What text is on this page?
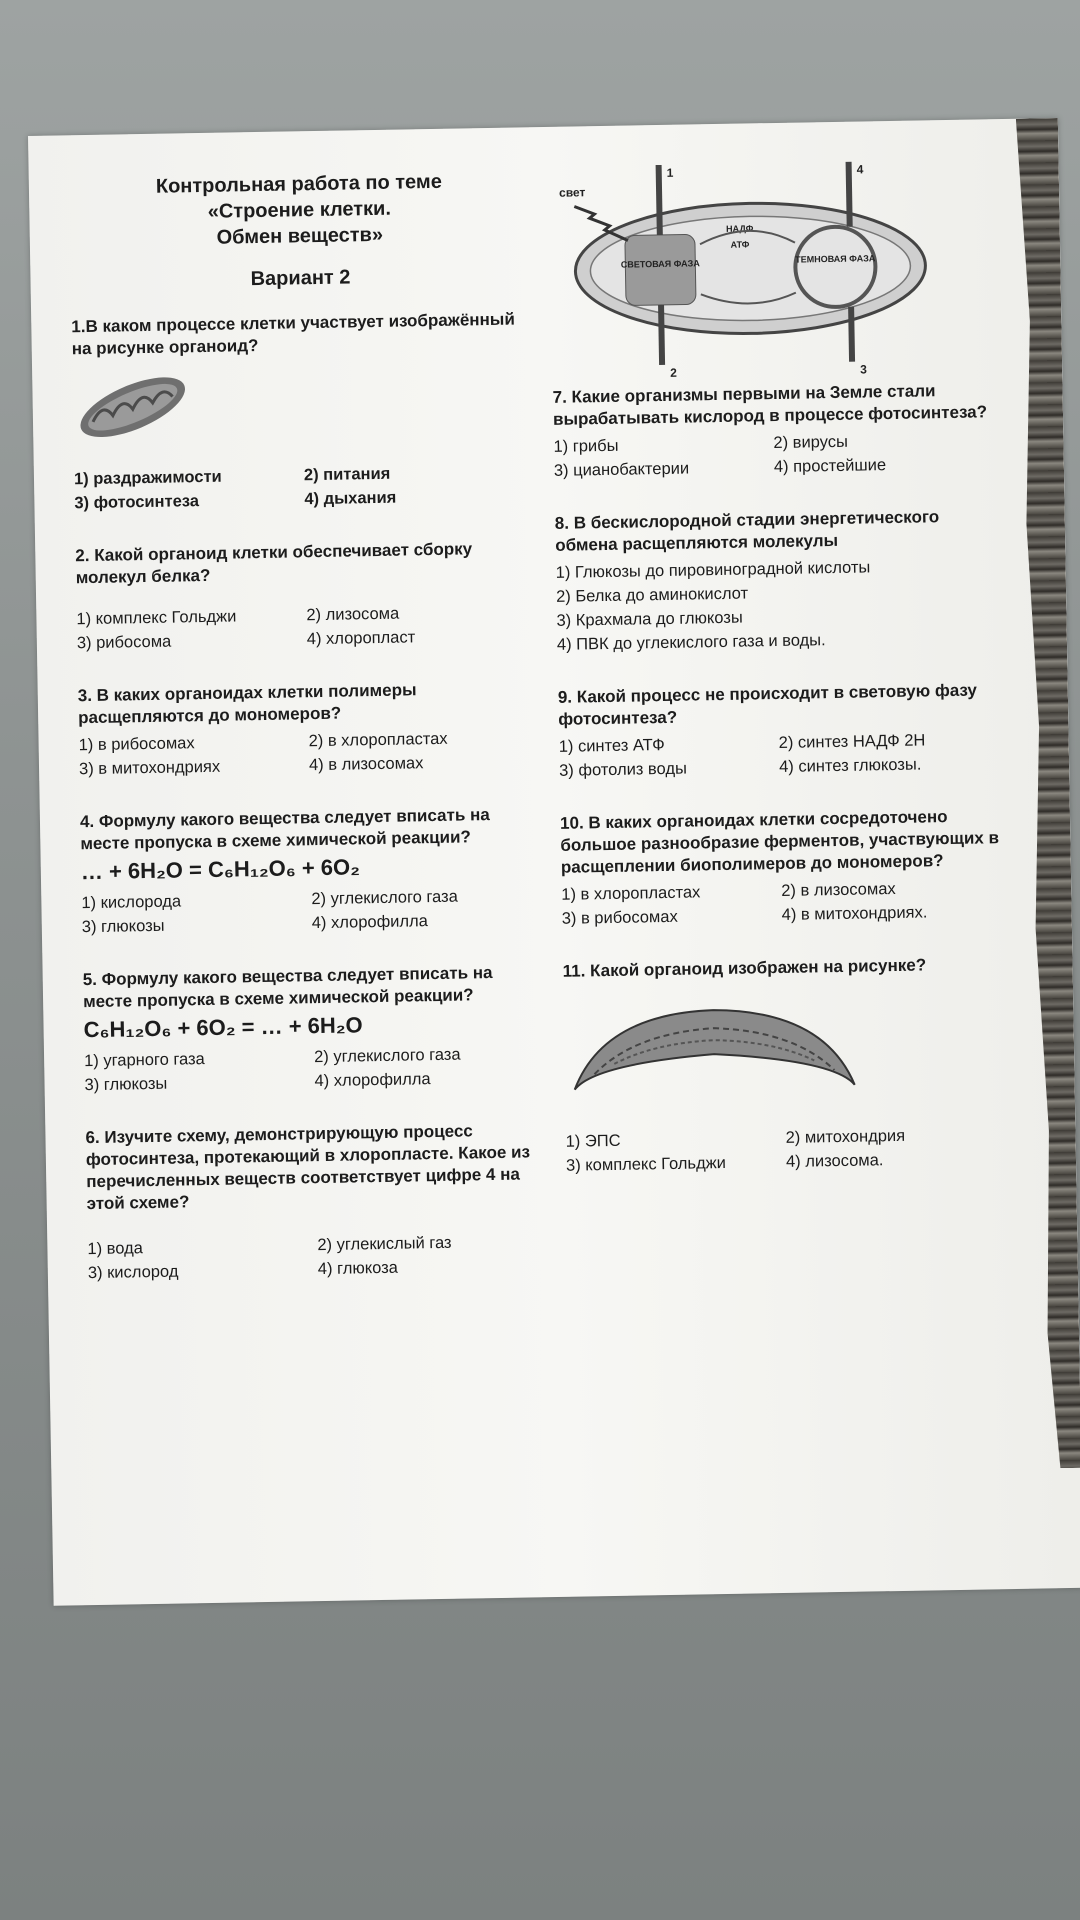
Контрольная работа по теме
«Строение клетки.
Обмен веществ»
Вариант 2
1.В каком процессе клетки участвует изображённый на рисунке органоид?
1) раздражимости	2) питания
3) фотосинтеза	4) дыхания
2. Какой органоид клетки обеспечивает сборку молекул белка?
1) комплекс Гольджи	2) лизосома
3) рибосома	4) хлоропласт
3. В каких органоидах клетки полимеры расщепляются до мономеров?
1) в рибосомах	2) в хлоропластах
3) в митохондриях	4) в лизосомах
4. Формулу какого вещества следует вписать на месте пропуска в схеме химической реакции?
… + 6H₂O = C₆H₁₂O₆ + 6O₂
1) кислорода	2) углекислого газа
3) глюкозы	4) хлорофилла
5. Формулу какого вещества следует вписать на месте пропуска в схеме химической реакции?
C₆H₁₂O₆ + 6O₂ = … + 6H₂O
1) угарного газа	2) углекислого газа
3) глюкозы	4) хлорофилла
6. Изучите схему, демонстрирующую процесс фотосинтеза, протекающий в хлоропласте. Какое из перечисленных веществ соответствует цифре 4 на этой схеме?
1) вода	2) углекислый газ
3) кислород	4) глюкоза
СВЕТОВАЯ ФАЗА	ТЕМНОВАЯ ФАЗА
НАДФ
АТФ
свет
1
2	3
4
7. Какие организмы первыми на Земле стали вырабатывать кислород в процессе фотосинтеза?
1) грибы	2) вирусы
3) цианобактерии	4) простейшие
8. В бескислородной стадии энергетического обмена расщепляются молекулы
1) Глюкозы до пировиноградной кислоты
2) Белка до аминокислот
3) Крахмала до глюкозы
4) ПВК до углекислого газа и воды.
9. Какой процесс не происходит в световую фазу фотосинтеза?
1) синтез АТФ	2) синтез НАДФ 2Н
3) фотолиз воды	4) синтез глюкозы.
10. В каких органоидах клетки сосредоточено большое разнообразие ферментов, участвующих в расщеплении биополимеров до мономеров?
1) в хлоропластах	2) в лизосомах
3) в рибосомах	4) в митохондриях.
11. Какой органоид изображен на рисунке?
1) ЭПС	2) митохондрия
3) комплекс Гольджи	4) лизосома.
